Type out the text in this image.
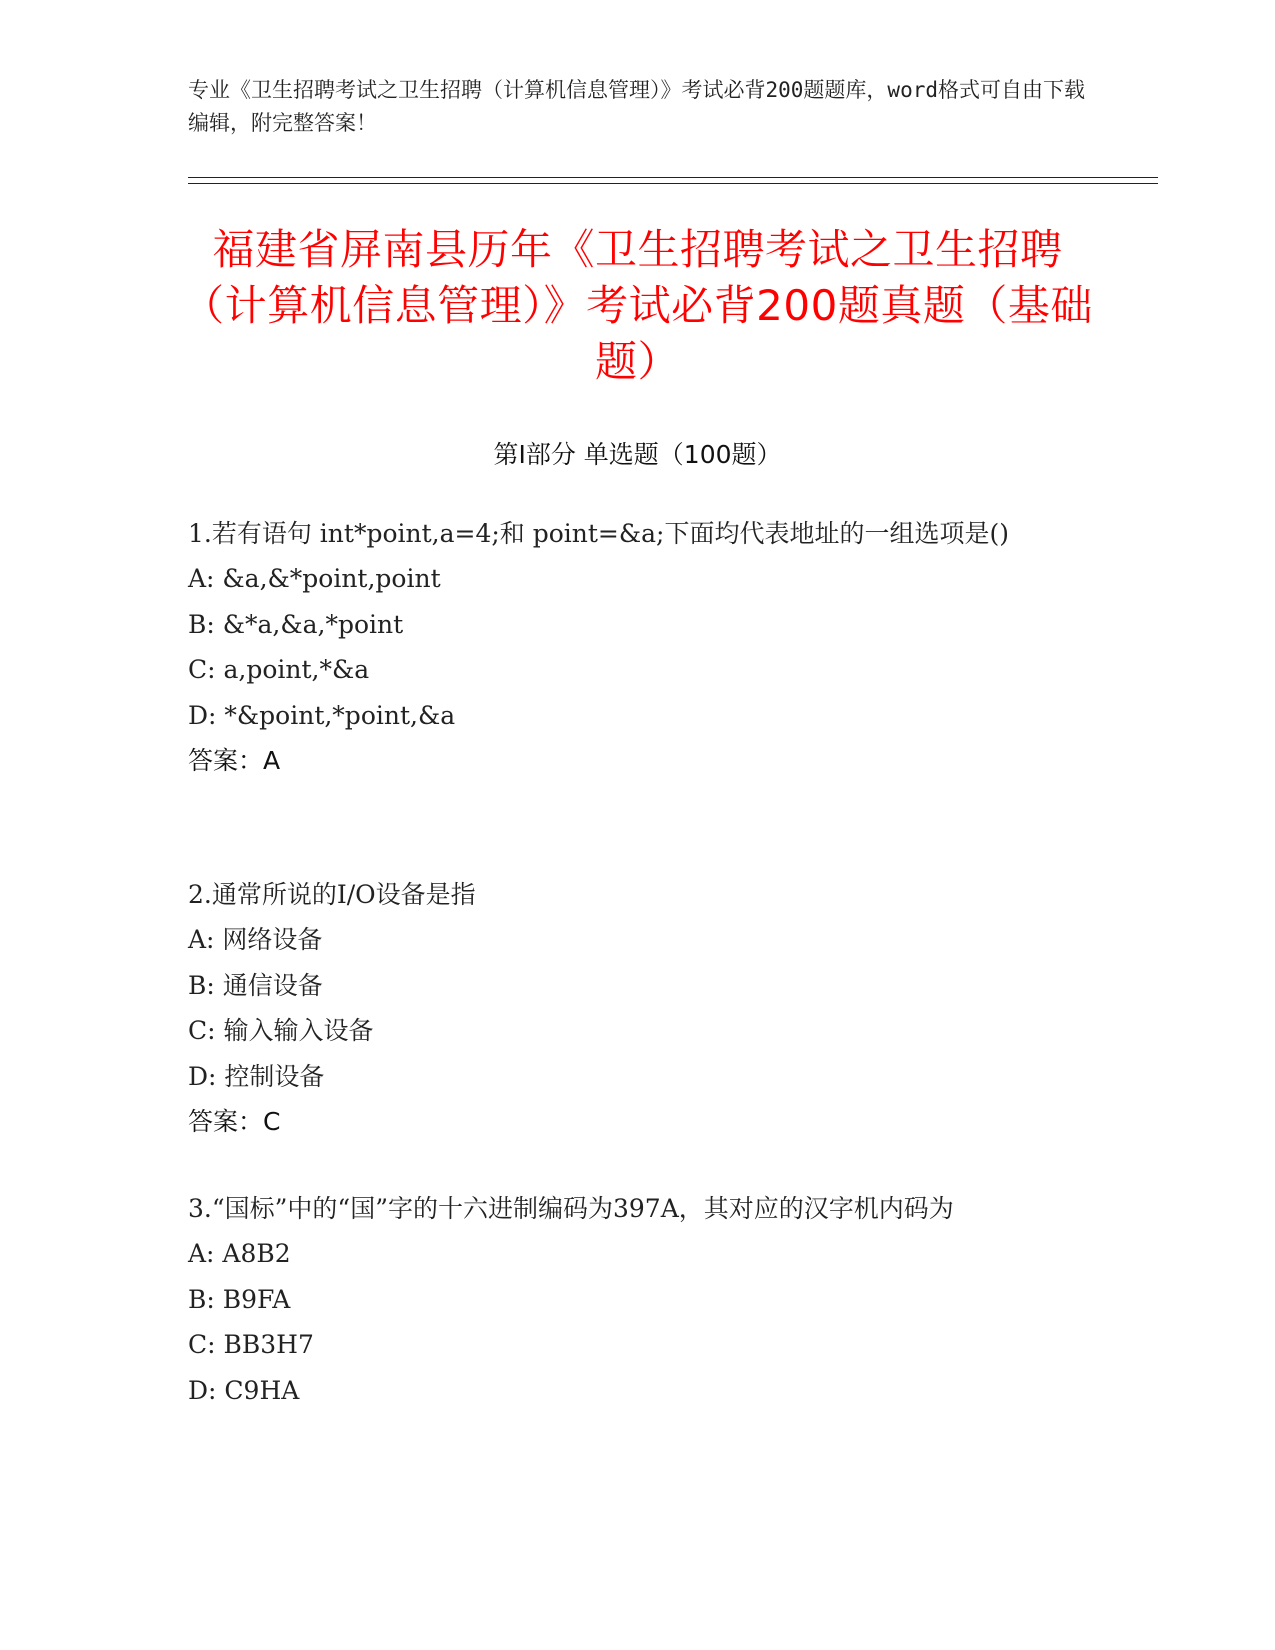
专业《卫生招聘考试之卫生招聘（计算机信息管理）》考试必背200题题库，word格式可自由下载编辑，附完整答案！
福建省屏南县历年《卫生招聘考试之卫生招聘（计算机信息管理）》考试必背200题真题（基础题）
第I部分 单选题（100题）
1.若有语句 int*point,a=4;和 point=&a;下面均代表地址的一组选项是()
A: &a,&*point,point
B: &*a,&a,*point
C: a,point,*&a
D: *&point,*point,&a
答案：A
2.通常所说的I/O设备是指
A: 网络设备
B: 通信设备
C: 输入输入设备
D: 控制设备
答案：C
3.“国标”中的“国”字的十六进制编码为397A，其对应的汉字机内码为
A: A8B2
B: B9FA
C: BB3H7
D: C9HA
